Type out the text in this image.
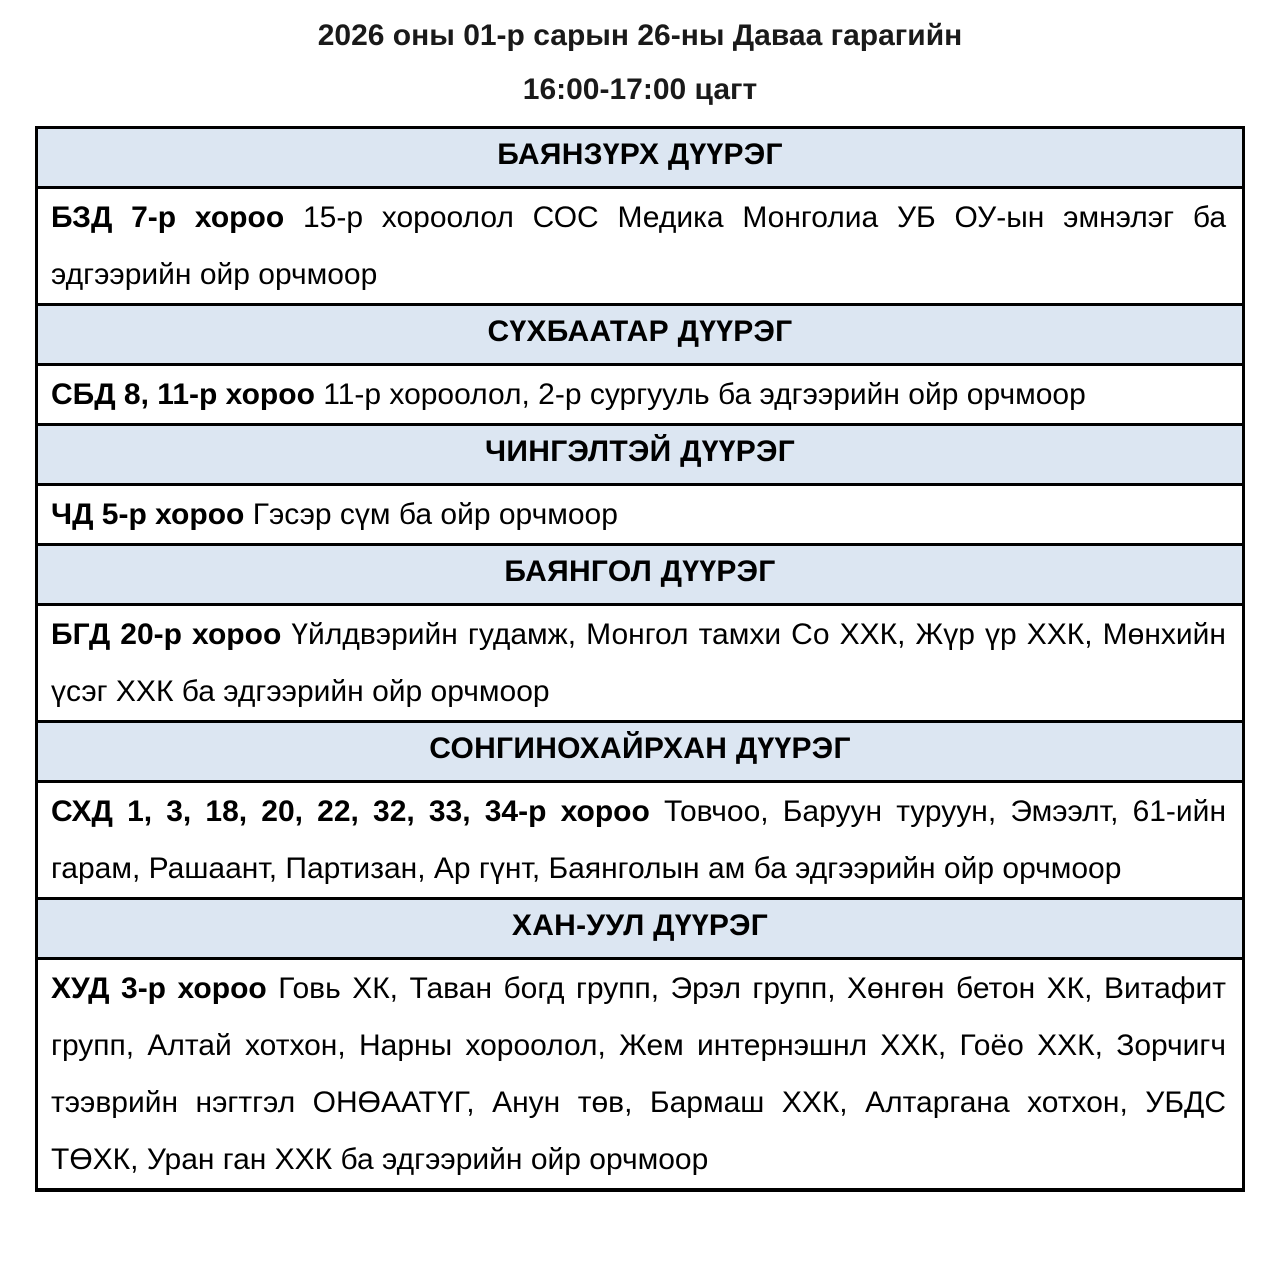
2026 оны 01-р сарын 26-ны Даваа гарагийн
16:00-17:00 цагт
БАЯНЗҮРХ ДҮҮРЭГ
БЗД 7-р хороо 15-р хороолол СОС Медика Монголиа УБ ОУ-ын эмнэлэг ба эдгээрийн ойр орчмоор
СҮХБААТАР ДҮҮРЭГ
СБД 8, 11-р хороо 11-р хороолол, 2-р сургууль ба эдгээрийн ойр орчмоор
ЧИНГЭЛТЭЙ ДҮҮРЭГ
ЧД 5-р хороо Гэсэр сүм ба ойр орчмоор
БАЯНГОЛ ДҮҮРЭГ
БГД 20-р хороо Үйлдвэрийн гудамж, Монгол тамхи Со ХХК, Жүр үр ХХК, Мөнхийн үсэг ХХК ба эдгээрийн ойр орчмоор
СОНГИНОХАЙРХАН ДҮҮРЭГ
СХД 1, 3, 18, 20, 22, 32, 33, 34-р хороо Товчоо, Баруун туруун, Эмээлт, 61-ийн гарам, Рашаант, Партизан, Ар гүнт, Баянголын ам ба эдгээрийн ойр орчмоор
ХАН-УУЛ ДҮҮРЭГ
ХУД 3-р хороо Говь ХК, Таван богд групп, Эрэл групп, Хөнгөн бетон ХК, Витафит групп, Алтай хотхон, Нарны хороолол, Жем интернэшнл ХХК, Гоёо ХХК, Зорчигч тээврийн нэгтгэл ОНӨААТҮГ, Анун төв, Бармаш ХХК, Алтаргана хотхон, УБДС ТӨХК, Уран ган ХХК ба эдгээрийн ойр орчмоор
